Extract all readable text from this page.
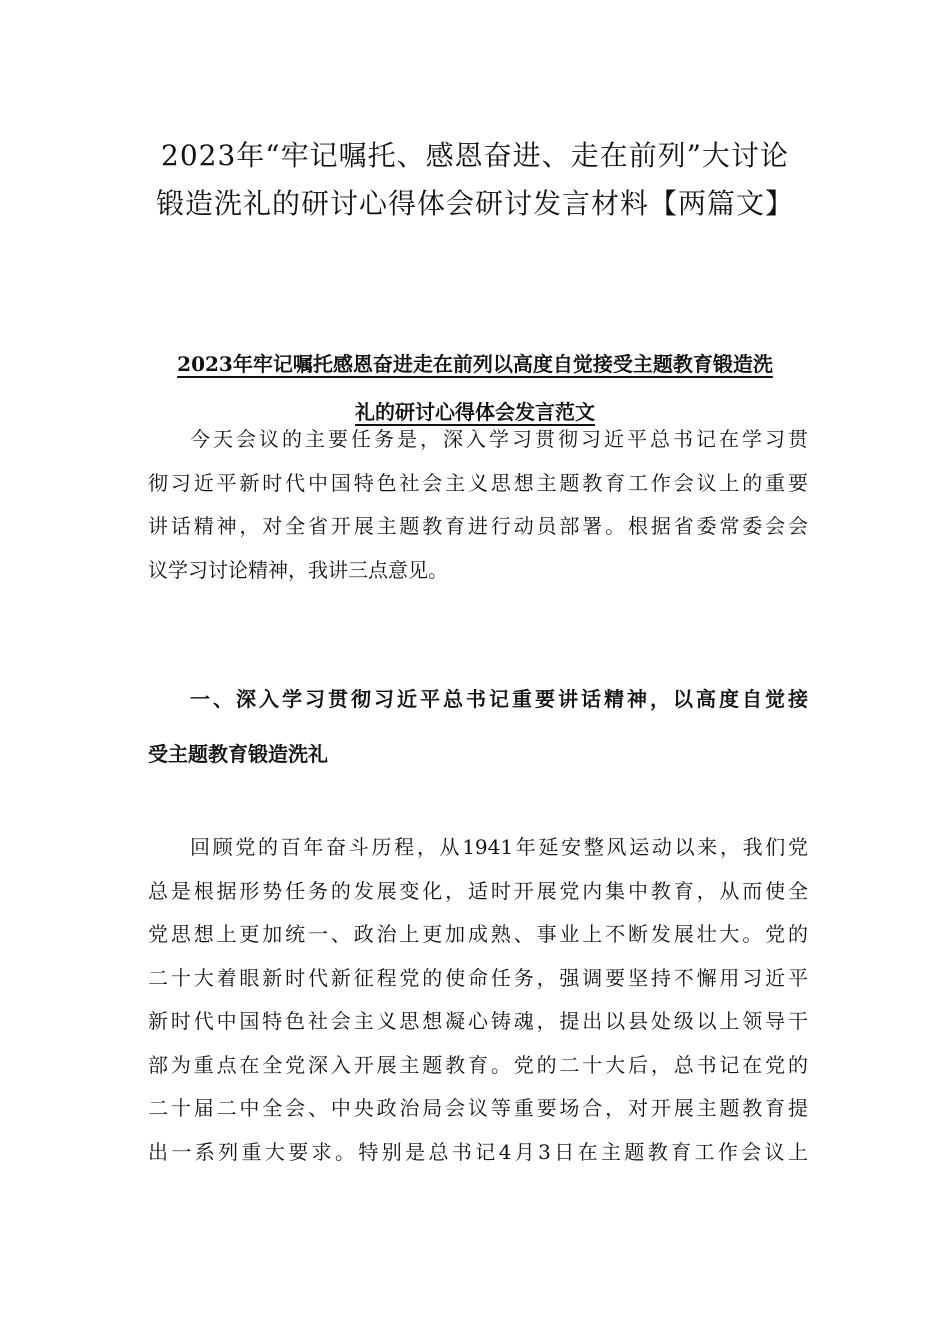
2023年“牢记嘱托、感恩奋进、走在前列”大讨论
锻造洗礼的研讨心得体会研讨发言材料【两篇文】
2023年牢记嘱托感恩奋进走在前列以高度自觉接受主题教育锻造洗
礼的研讨心得体会发言范文
今天会议的主要任务是，深入学习贯彻习近平总书记在学习贯
彻习近平新时代中国特色社会主义思想主题教育工作会议上的重要
讲话精神，对全省开展主题教育进行动员部署。根据省委常委会会
议学习讨论精神，我讲三点意见。
一、深入学习贯彻习近平总书记重要讲话精神，以高度自觉接
受主题教育锻造洗礼
回顾党的百年奋斗历程，从1941年延安整风运动以来，我们党
总是根据形势任务的发展变化，适时开展党内集中教育，从而使全
党思想上更加统一、政治上更加成熟、事业上不断发展壮大。党的
二十大着眼新时代新征程党的使命任务，强调要坚持不懈用习近平
新时代中国特色社会主义思想凝心铸魂，提出以县处级以上领导干
部为重点在全党深入开展主题教育。党的二十大后，总书记在党的
二十届二中全会、中央政治局会议等重要场合，对开展主题教育提
出一系列重大要求。特别是总书记4月3日在主题教育工作会议上
